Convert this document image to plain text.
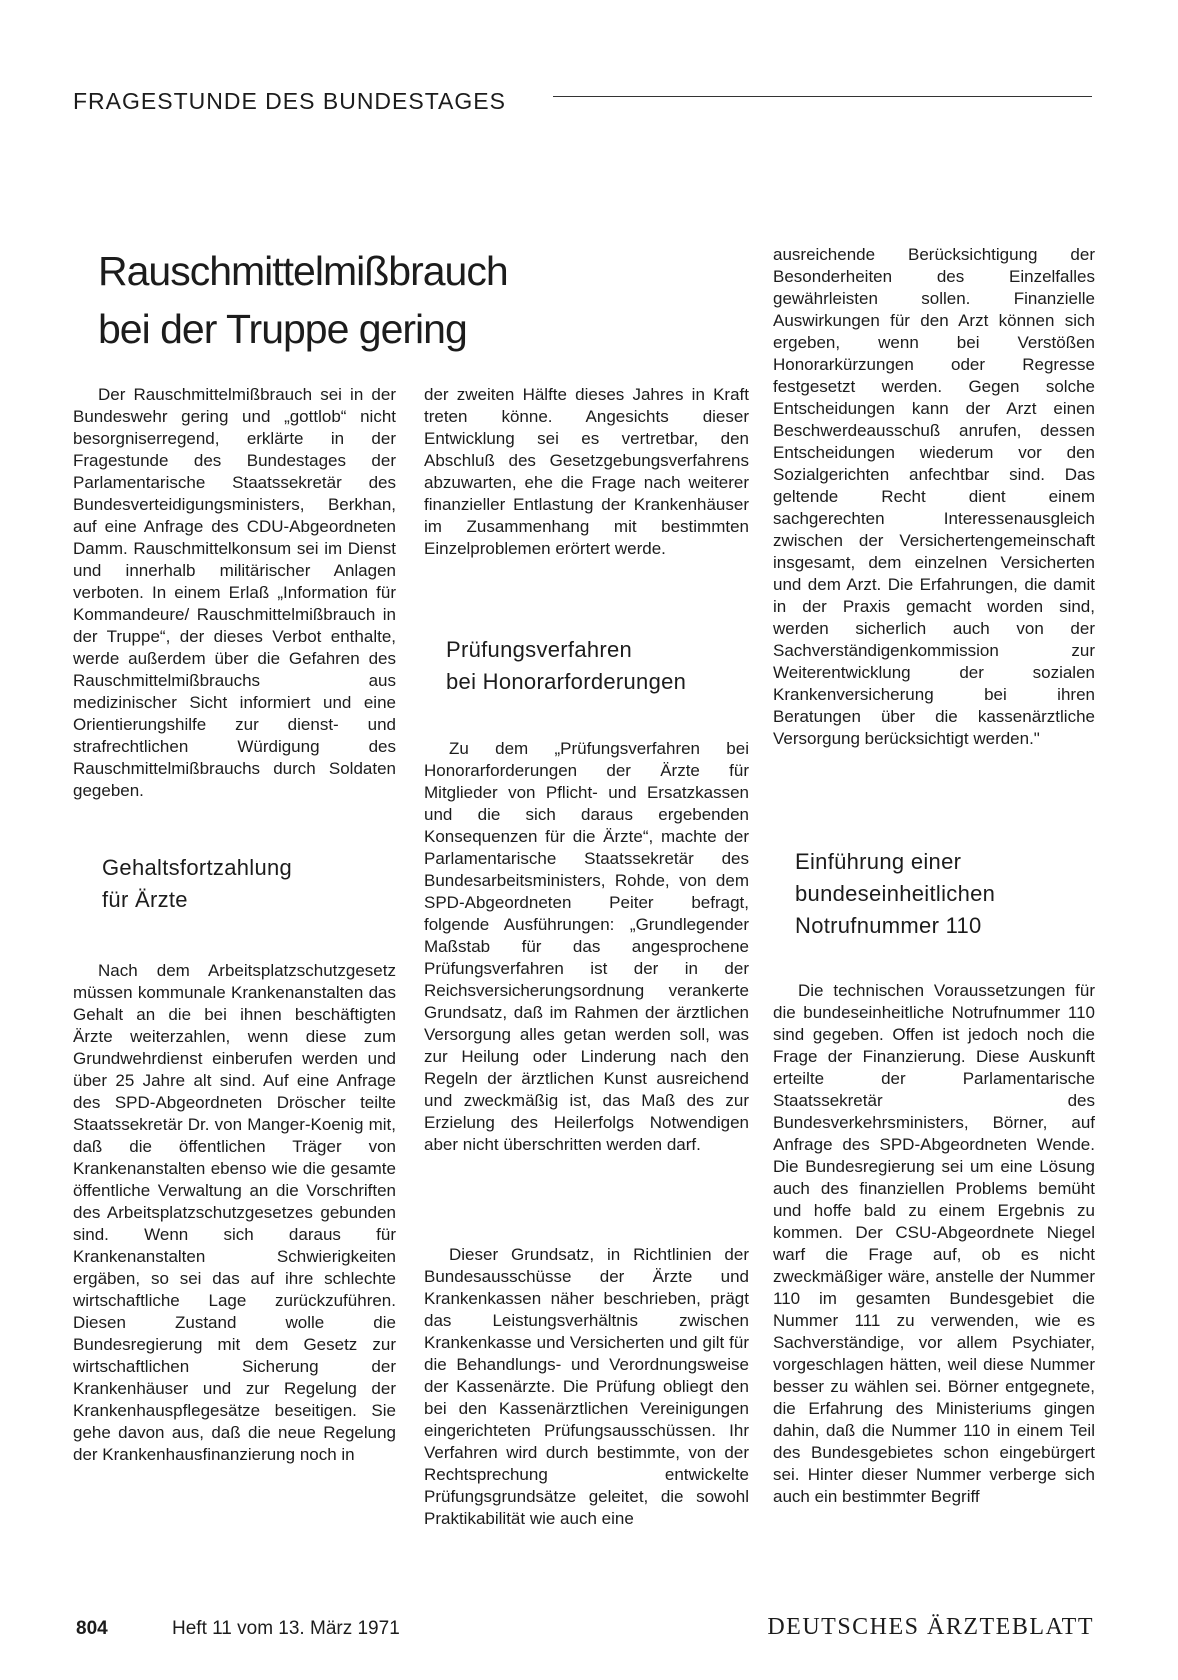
FRAGESTUNDE DES BUNDESTAGES
Rauschmittelmißbrauch
bei der Truppe gering

Der Rauschmittelmißbrauch sei in der Bundeswehr gering und „gottlob“ nicht besorgniserregend, erklärte in der Fragestunde des Bundestages der Parlamentarische Staatssekretär des Bundesverteidigungsministers, Berkhan, auf eine Anfrage des CDU-Abgeordneten Damm. Rauschmittelkonsum sei im Dienst und innerhalb militärischer Anlagen verboten. In einem Erlaß „Information für Kommandeure/ Rauschmittelmißbrauch in der Truppe“, der dieses Verbot enthalte, werde außerdem über die Gefahren des Rauschmittelmißbrauchs aus medizinischer Sicht informiert und eine Orientierungshilfe zur dienst- und strafrechtlichen Würdigung des Rauschmittelmißbrauchs durch Soldaten gegeben.

Gehaltsfortzahlung
für Ärzte

Nach dem Arbeitsplatzschutzgesetz müssen kommunale Krankenanstalten das Gehalt an die bei ihnen beschäftigten Ärzte weiterzahlen, wenn diese zum Grundwehrdienst einberufen werden und über 25 Jahre alt sind. Auf eine Anfrage des SPD-Abgeordneten Dröscher teilte Staatssekretär Dr. von Manger-Koenig mit, daß die öffentlichen Träger von Krankenanstalten ebenso wie die gesamte öffentliche Verwaltung an die Vorschriften des Arbeitsplatzschutzgesetzes gebunden sind. Wenn sich daraus für Krankenanstalten Schwierigkeiten ergäben, so sei das auf ihre schlechte wirtschaftliche Lage zurückzuführen. Diesen Zustand wolle die Bundesregierung mit dem Gesetz zur wirtschaftlichen Sicherung der Krankenhäuser und zur Regelung der Krankenhauspflegesätze beseitigen. Sie gehe davon aus, daß die neue Regelung der Krankenhausfinanzierung noch in

der zweiten Hälfte dieses Jahres in Kraft treten könne. Angesichts dieser Entwicklung sei es vertretbar, den Abschluß des Gesetzgebungsverfahrens abzuwarten, ehe die Frage nach weiterer finanzieller Entlastung der Krankenhäuser im Zusammenhang mit bestimmten Einzelproblemen erörtert werde.

Prüfungsverfahren
bei Honorarforderungen

Zu dem „Prüfungsverfahren bei Honorarforderungen der Ärzte für Mitglieder von Pflicht- und Ersatzkassen und die sich daraus ergebenden Konsequenzen für die Ärzte“, machte der Parlamentarische Staatssekretär des Bundesarbeitsministers, Rohde, von dem SPD-Abgeordneten Peiter befragt, folgende Ausführungen: „Grundlegender Maßstab für das angesprochene Prüfungsverfahren ist der in der Reichsversicherungsordnung verankerte Grundsatz, daß im Rahmen der ärztlichen Versorgung alles getan werden soll, was zur Heilung oder Linderung nach den Regeln der ärztlichen Kunst ausreichend und zweckmäßig ist, das Maß des zur Erzielung des Heilerfolgs Notwendigen aber nicht überschritten werden darf.

Dieser Grundsatz, in Richtlinien der Bundesausschüsse der Ärzte und Krankenkassen näher beschrieben, prägt das Leistungsverhältnis zwischen Krankenkasse und Versicherten und gilt für die Behandlungs- und Verordnungsweise der Kassenärzte. Die Prüfung obliegt den bei den Kassenärztlichen Vereinigungen eingerichteten Prüfungsausschüssen. Ihr Verfahren wird durch bestimmte, von der Rechtsprechung entwickelte Prüfungsgrundsätze geleitet, die sowohl Praktikabilität wie auch eine

ausreichende Berücksichtigung der Besonderheiten des Einzelfalles gewährleisten sollen. Finanzielle Auswirkungen für den Arzt können sich ergeben, wenn bei Verstößen Honorarkürzungen oder Regresse festgesetzt werden. Gegen solche Entscheidungen kann der Arzt einen Beschwerdeausschuß anrufen, dessen Entscheidungen wiederum vor den Sozialgerichten anfechtbar sind. Das geltende Recht dient einem sachgerechten Interessenausgleich zwischen der Versichertengemeinschaft insgesamt, dem einzelnen Versicherten und dem Arzt. Die Erfahrungen, die damit in der Praxis gemacht worden sind, werden sicherlich auch von der Sachverständigenkommission zur Weiterentwicklung der sozialen Krankenversicherung bei ihren Beratungen über die kassenärztliche Versorgung berücksichtigt werden."

Einführung einer
bundeseinheitlichen
Notrufnummer 110

Die technischen Voraussetzungen für die bundeseinheitliche Notrufnummer 110 sind gegeben. Offen ist jedoch noch die Frage der Finanzierung. Diese Auskunft erteilte der Parlamentarische Staatssekretär des Bundesverkehrsministers, Börner, auf Anfrage des SPD-Abgeordneten Wende. Die Bundesregierung sei um eine Lösung auch des finanziellen Problems bemüht und hoffe bald zu einem Ergebnis zu kommen. Der CSU-Abgeordnete Niegel warf die Frage auf, ob es nicht zweckmäßiger wäre, anstelle der Nummer 110 im gesamten Bundesgebiet die Nummer 111 zu verwenden, wie es Sachverständige, vor allem Psychiater, vorgeschlagen hätten, weil diese Nummer besser zu wählen sei. Börner entgegnete, die Erfahrung des Ministeriums gingen dahin, daß die Nummer 110 in einem Teil des Bundesgebietes schon eingebürgert sei. Hinter dieser Nummer verberge sich auch ein bestimmter Begriff

804	Heft 11 vom 13. März 1971	DEUTSCHES ÄRZTEBLATT
